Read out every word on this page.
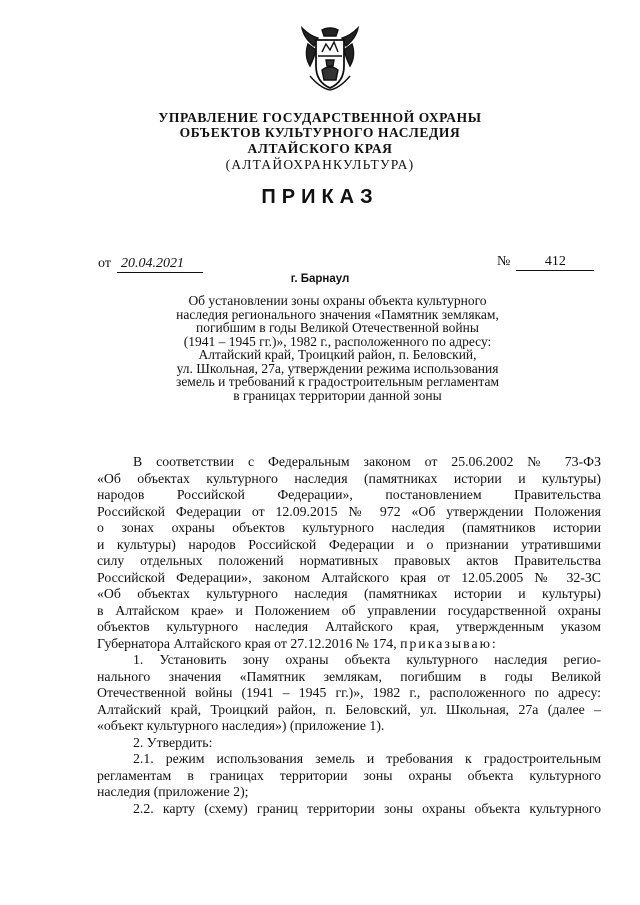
УПРАВЛЕНИЕ ГОСУДАРСТВЕННОЙ ОХРАНЫ
ОБЪЕКТОВ КУЛЬТУРНОГО НАСЛЕДИЯ
АЛТАЙСКОГО КРАЯ
(АЛТАЙОХРАНКУЛЬТУРА)
ПРИКАЗ
от 20.04.2021	№ 412
г. Барнаул
Об установлении зоны охраны объекта культурного
наследия регионального значения «Памятник землякам,
погибшим в годы Великой Отечественной войны
(1941 – 1945 гг.)», 1982 г., расположенного по адресу:
Алтайский край, Троицкий район, п. Беловский,
ул. Школьная, 27а, утверждении режима использования
земель и требований к градостроительным регламентам
в границах территории данной зоны
В соответствии с Федеральным законом от 25.06.2002 № 73-ФЗ
«Об объектах культурного наследия (памятниках истории и культуры)
народов Российской Федерации», постановлением Правительства
Российской Федерации от 12.09.2015 № 972 «Об утверждении Положения
о зонах охраны объектов культурного наследия (памятников истории
и культуры) народов Российской Федерации и о признании утратившими
силу отдельных положений нормативных правовых актов Правительства
Российской Федерации», законом Алтайского края от 12.05.2005 № 32-ЗС
«Об объектах культурного наследия (памятниках истории и культуры)
в Алтайском крае» и Положением об управлении государственной охраны
объектов культурного наследия Алтайского края, утвержденным указом
Губернатора Алтайского края от 27.12.2016 № 174, приказываю:
1. Установить зону охраны объекта культурного наследия регио-
нального значения «Памятник землякам, погибшим в годы Великой
Отечественной войны (1941 – 1945 гг.)», 1982 г., расположенного по адресу:
Алтайский край, Троицкий район, п. Беловский, ул. Школьная, 27а (далее –
«объект культурного наследия») (приложение 1).
2. Утвердить:
2.1. режим использования земель и требования к градостроительным
регламентам в границах территории зоны охраны объекта культурного
наследия (приложение 2);
2.2. карту (схему) границ территории зоны охраны объекта культурного
